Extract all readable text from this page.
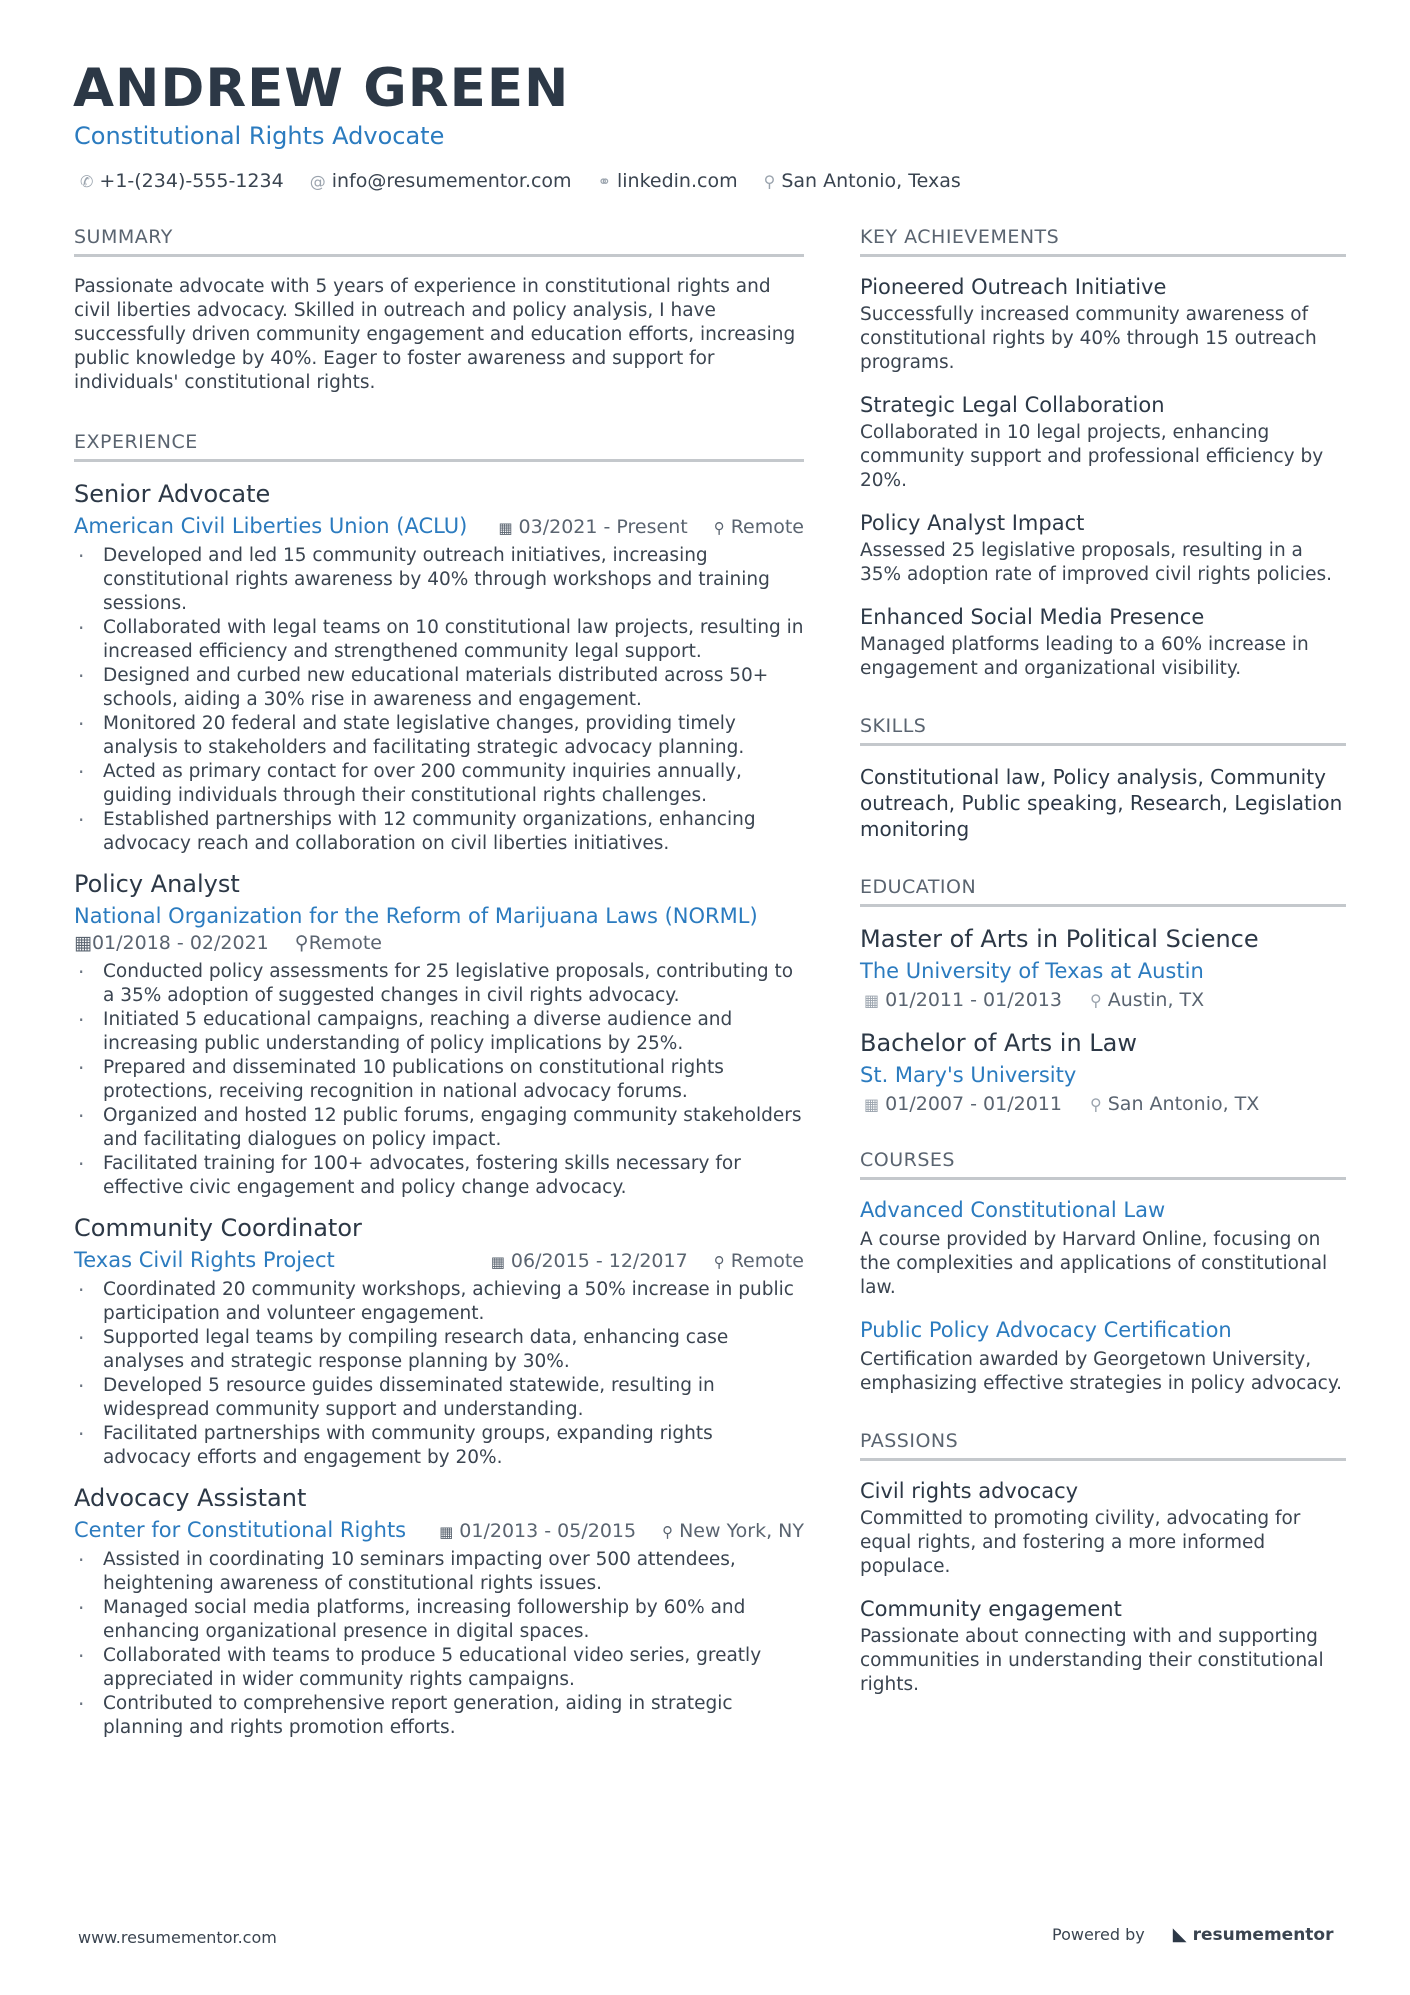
ANDREW GREEN
Constitutional Rights Advocate
✆ +1-(234)-555-1234 @ info@resumementor.com ⚭ linkedin.com ⚲ San Antonio, Texas
SUMMARY
Passionate advocate with 5 years of experience in constitutional rights and civil liberties advocacy. Skilled in outreach and policy analysis, I have successfully driven community engagement and education efforts, increasing public knowledge by 40%. Eager to foster awareness and support for individuals' constitutional rights.
EXPERIENCE
Senior Advocate
American Civil Liberties Union (ACLU) ▦ 03/2021 - Present ⚲ Remote
· Developed and led 15 community outreach initiatives, increasing constitutional rights awareness by 40% through workshops and training sessions.
· Collaborated with legal teams on 10 constitutional law projects, resulting in increased efficiency and strengthened community legal support.
· Designed and curbed new educational materials distributed across 50+ schools, aiding a 30% rise in awareness and engagement.
· Monitored 20 federal and state legislative changes, providing timely analysis to stakeholders and facilitating strategic advocacy planning.
· Acted as primary contact for over 200 community inquiries annually, guiding individuals through their constitutional rights challenges.
· Established partnerships with 12 community organizations, enhancing advocacy reach and collaboration on civil liberties initiatives.
Policy Analyst
National Organization for the Reform of Marijuana Laws (NORML)
▦01/2018 - 02/2021 ⚲Remote
· Conducted policy assessments for 25 legislative proposals, contributing to a 35% adoption of suggested changes in civil rights advocacy.
· Initiated 5 educational campaigns, reaching a diverse audience and increasing public understanding of policy implications by 25%.
· Prepared and disseminated 10 publications on constitutional rights protections, receiving recognition in national advocacy forums.
· Organized and hosted 12 public forums, engaging community stakeholders and facilitating dialogues on policy impact.
· Facilitated training for 100+ advocates, fostering skills necessary for effective civic engagement and policy change advocacy.
Community Coordinator
Texas Civil Rights Project	▦ 06/2015 - 12/2017 ⚲ Remote
· Coordinated 20 community workshops, achieving a 50% increase in public participation and volunteer engagement.
· Supported legal teams by compiling research data, enhancing case analyses and strategic response planning by 30%.
· Developed 5 resource guides disseminated statewide, resulting in widespread community support and understanding.
· Facilitated partnerships with community groups, expanding rights advocacy efforts and engagement by 20%.
Advocacy Assistant
Center for Constitutional Rights ▦ 01/2013 - 05/2015 ⚲ New York, NY
· Assisted in coordinating 10 seminars impacting over 500 attendees, heightening awareness of constitutional rights issues.
· Managed social media platforms, increasing followership by 60% and enhancing organizational presence in digital spaces.
· Collaborated with teams to produce 5 educational video series, greatly appreciated in wider community rights campaigns.
· Contributed to comprehensive report generation, aiding in strategic planning and rights promotion efforts.
KEY ACHIEVEMENTS
Pioneered Outreach Initiative
Successfully increased community awareness of constitutional rights by 40% through 15 outreach programs.
Strategic Legal Collaboration
Collaborated in 10 legal projects, enhancing community support and professional efficiency by 20%.
Policy Analyst Impact
Assessed 25 legislative proposals, resulting in a 35% adoption rate of improved civil rights policies.
Enhanced Social Media Presence
Managed platforms leading to a 60% increase in engagement and organizational visibility.
SKILLS
Constitutional law, Policy analysis, Community outreach, Public speaking, Research, Legislation monitoring
EDUCATION
Master of Arts in Political Science
The University of Texas at Austin
▦ 01/2011 - 01/2013 ⚲ Austin, TX
Bachelor of Arts in Law
St. Mary's University
▦ 01/2007 - 01/2011 ⚲ San Antonio, TX
COURSES
Advanced Constitutional Law
A course provided by Harvard Online, focusing on the complexities and applications of constitutional law.
Public Policy Advocacy Certification
Certification awarded by Georgetown University, emphasizing effective strategies in policy advocacy.
PASSIONS
Civil rights advocacy
Committed to promoting civility, advocating for equal rights, and fostering a more informed populace.
Community engagement
Passionate about connecting with and supporting communities in understanding their constitutional rights.
www.resumementor.com	Powered by ◣ resumementor
